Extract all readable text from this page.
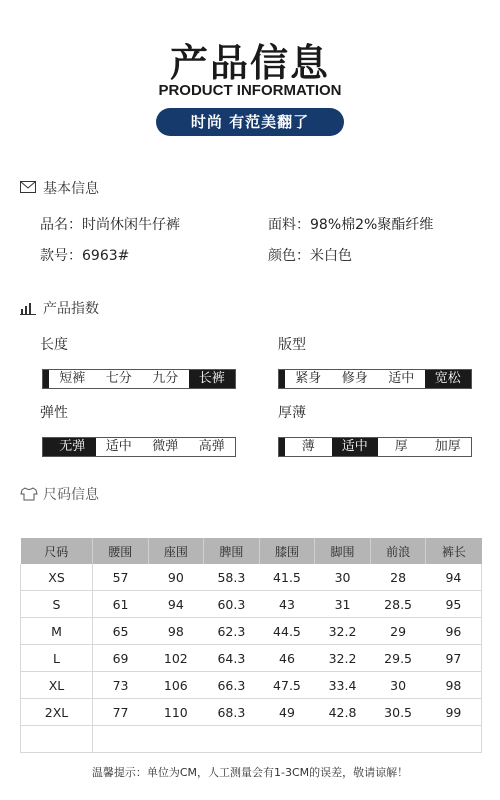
产品信息
PRODUCT INFORMATION
时尚 有范美翻了
基本信息
品名：时尚休闲牛仔裤	面料：98%棉2%聚酯纤维
款号：6963#	颜色：米白色
产品指数
长度	版型
短裤	七分	九分	长裤	紧身	修身	适中	宽松
弹性	厚薄
无弹	适中	微弹	高弹	薄	适中	厚	加厚
尺码信息
尺码	腰围	座围	脾围	膝围	脚围	前浪	裤长
XS	57	90	58.3	41.5	30	28	94
S	61	94	60.3	43	31	28.5	95
M	65	98	62.3	44.5	32.2	29	96
L	69	102	64.3	46	32.2	29.5	97
XL	73	106	66.3	47.5	33.4	30	98
2XL	77	110	68.3	49	42.8	30.5	99

温馨提示：单位为CM，人工测量会有1-3CM的误差，敬请谅解！
